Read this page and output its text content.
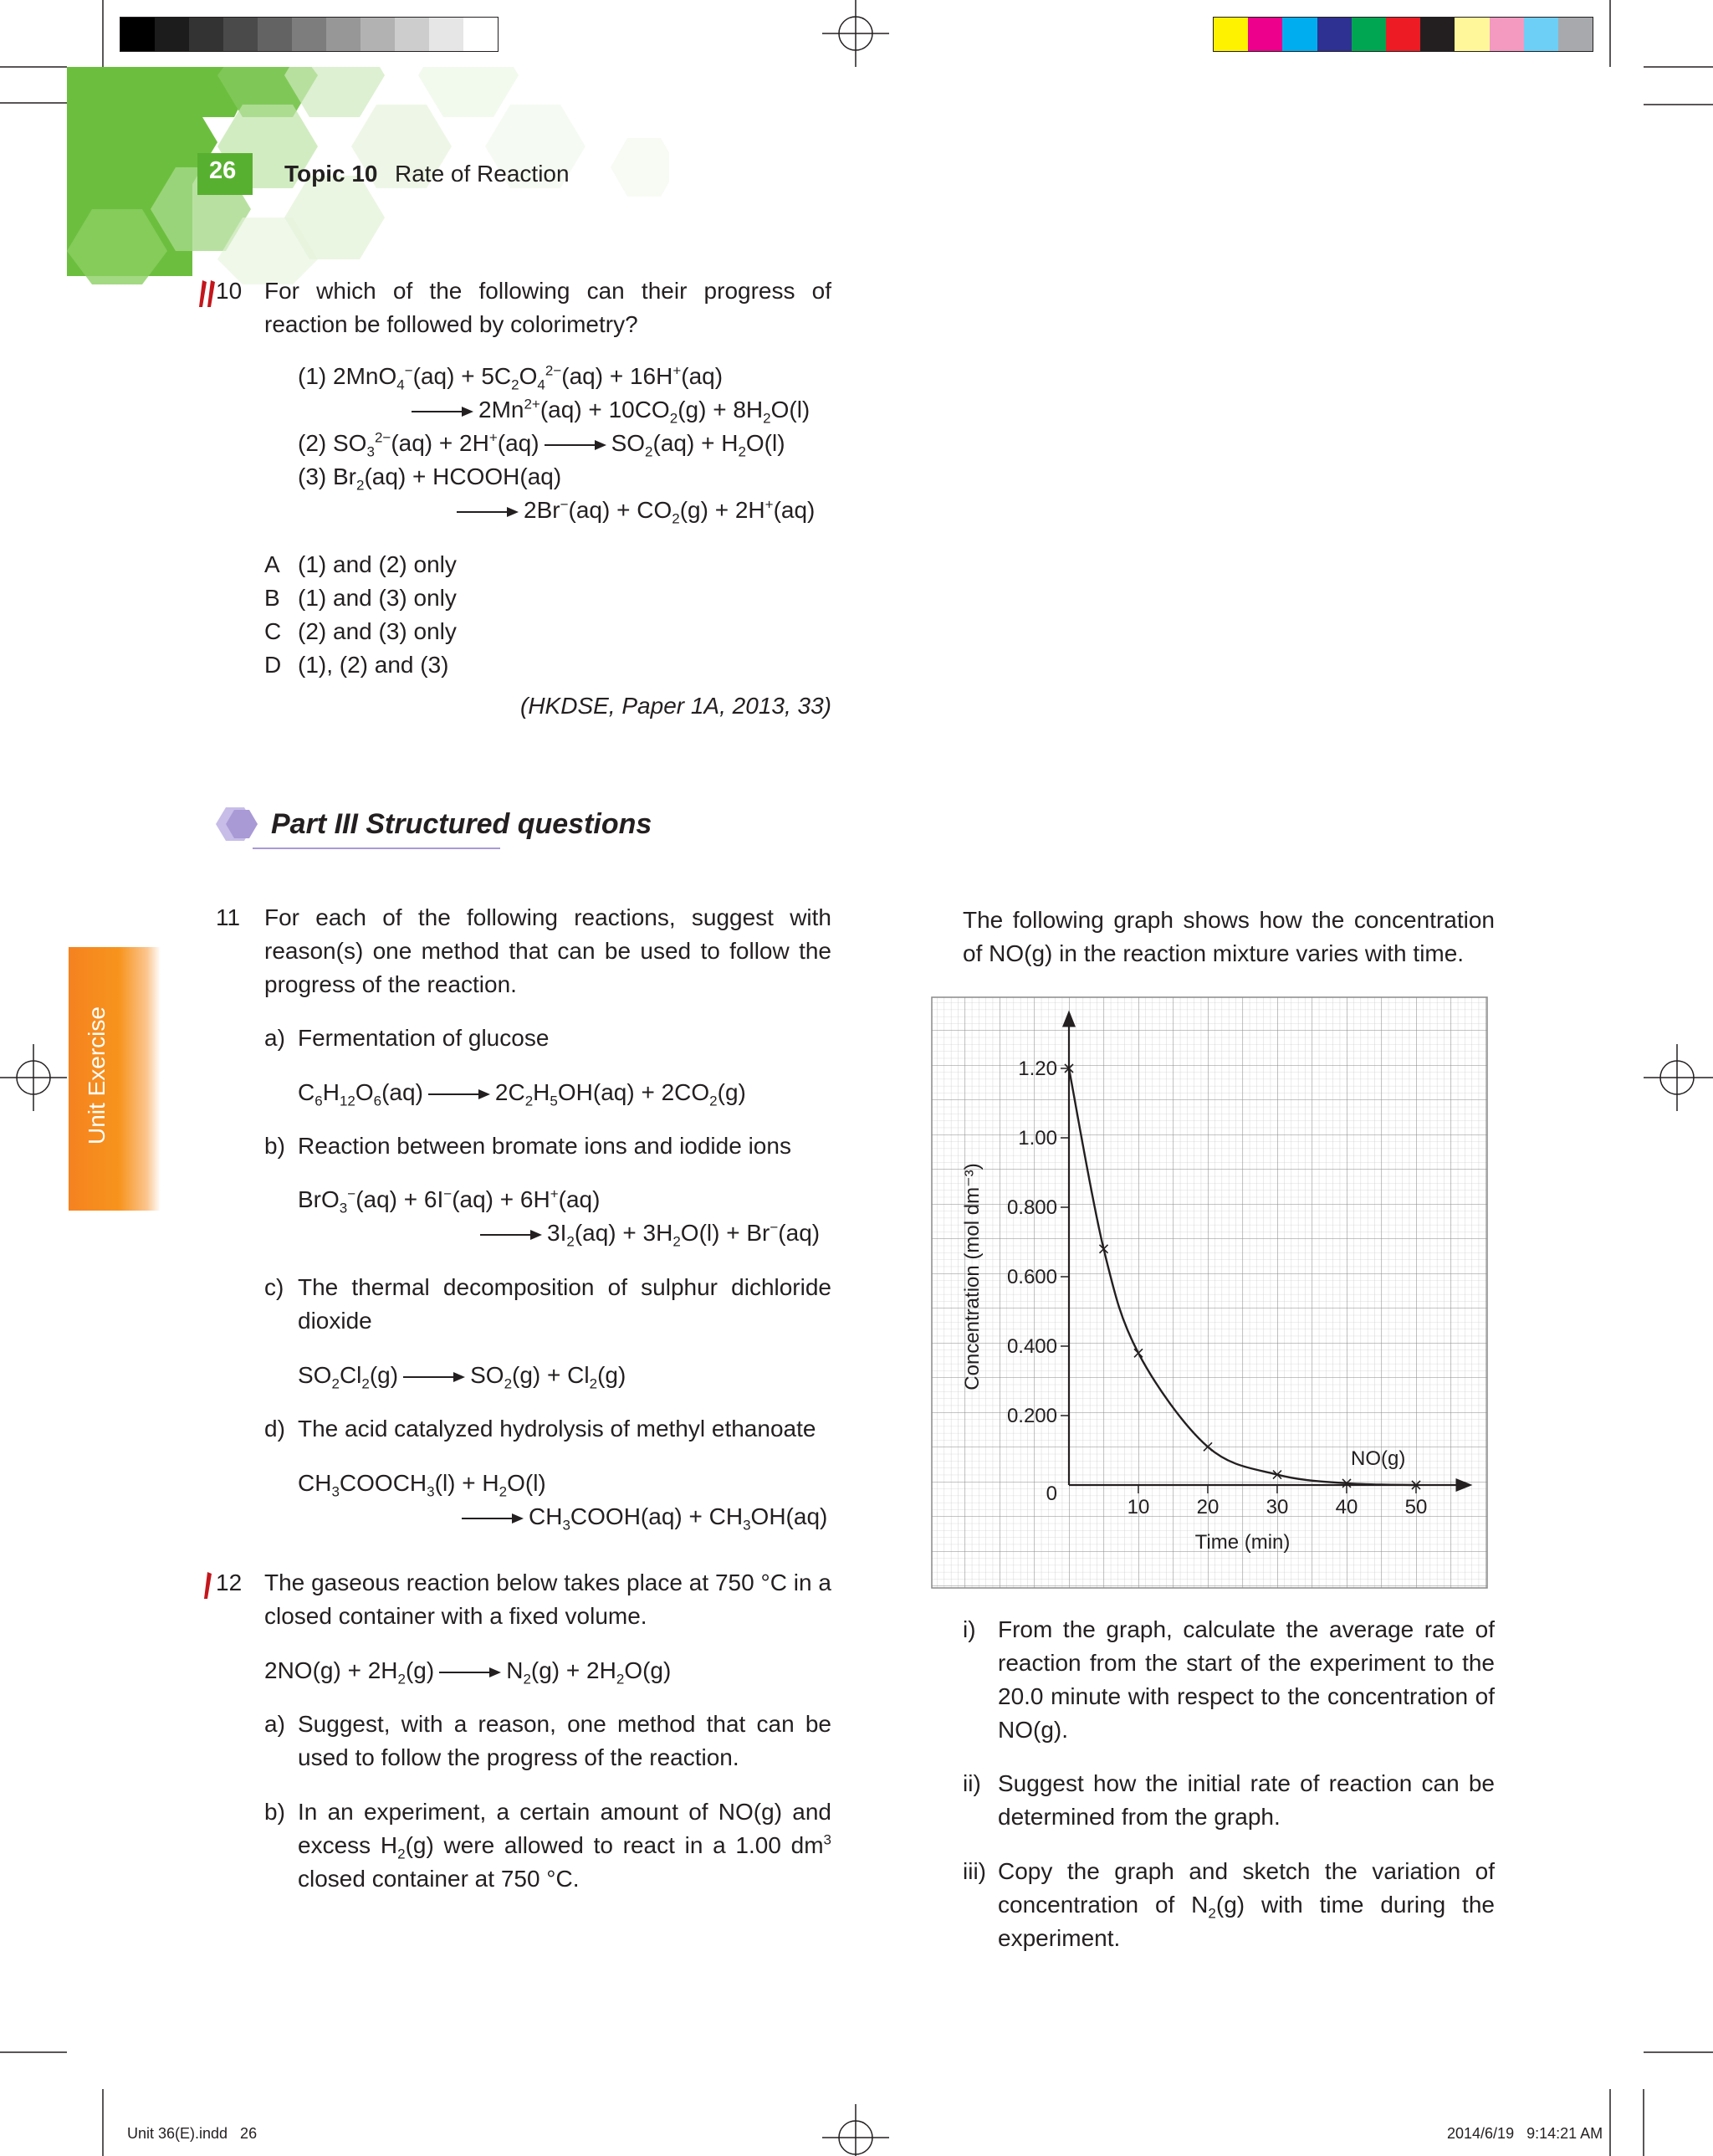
26 Topic 10 Rate of Reaction
Unit Exercise
10 For which of the following can their progress of reaction be followed by colorimetry?
(1) $2MnO_4^-(aq) + 5C_2O_4^{2-}(aq) + 16H^+(aq)$
$2Mn^{2+}(aq) + 10CO_2(g) + 8H_2O(l)$
(2) $SO_3^{2-}(aq) + 2H^+(aq)$	$SO_2(aq) + H_2O(l)$
(3) $Br_2(aq)$ + HCOOH(aq)
$2Br^-(aq) + CO_2(g) + 2H^+(aq)$
A (1) and (2) only
B (1) and (3) only
C (2) and (3) only
D (1), (2) and (3)
(HKDSE, Paper 1A, 2013, 33)
Part III Structured questions
11 For each of the following reactions, suggest with reason(s) one method that can be used to follow the progress of the reaction.
a) Fermentation of glucose
$C_6H_{12}O_6(aq)$	$2C_2H_5OH(aq) + 2CO_2(g)$
b) Reaction between bromate ions and iodide ions
BrO$_3$−(aq) + 6I−(aq) + 6H+(aq)
$3I_2(aq) + 3H_2O(l) + Br^-(aq)$
c) The thermal decomposition of sulphur dichloride dioxide
$SO_2Cl_2(g)$	$SO_2(g) + Cl_2(g)$
d) The acid catalyzed hydrolysis of methyl ethanoate
$CH_3COOCH_3(l) + H_2O(l)$
$CH_3COOH(aq) + CH_3OH(aq)$
12 The gaseous reaction below takes place at 750 °C in a closed container with a fixed volume.
$2NO(g) + 2H_2(g)$	$N_2(g) + 2H_2O(g)$
a) Suggest, with a reason, one method that can be used to follow the progress of the reaction.
b) In an experiment, a certain amount of NO(g) and excess $H_2(g)$ were allowed to react in a 1.00 $dm^3$ closed container at 750 °C.
The following graph shows how the concentration of NO(g) in the reaction mixture varies with time.
10 20 30 40 50
1.20
1.00
0.800
0.600
0.400
0.200
0
Time (min)
Concentration (mol dm⁻³)
NO(g)
i) From the graph, calculate the average rate of reaction from the start of the experiment to the 20.0 minute with respect to the concentration of NO(g).
ii) Suggest how the initial rate of reaction can be determined from the graph.
iii) Copy the graph and sketch the variation of concentration of $N_2(g)$ with time during the experiment.
Unit 36(E).indd   26	2014/6/19   9:14:21 AM
